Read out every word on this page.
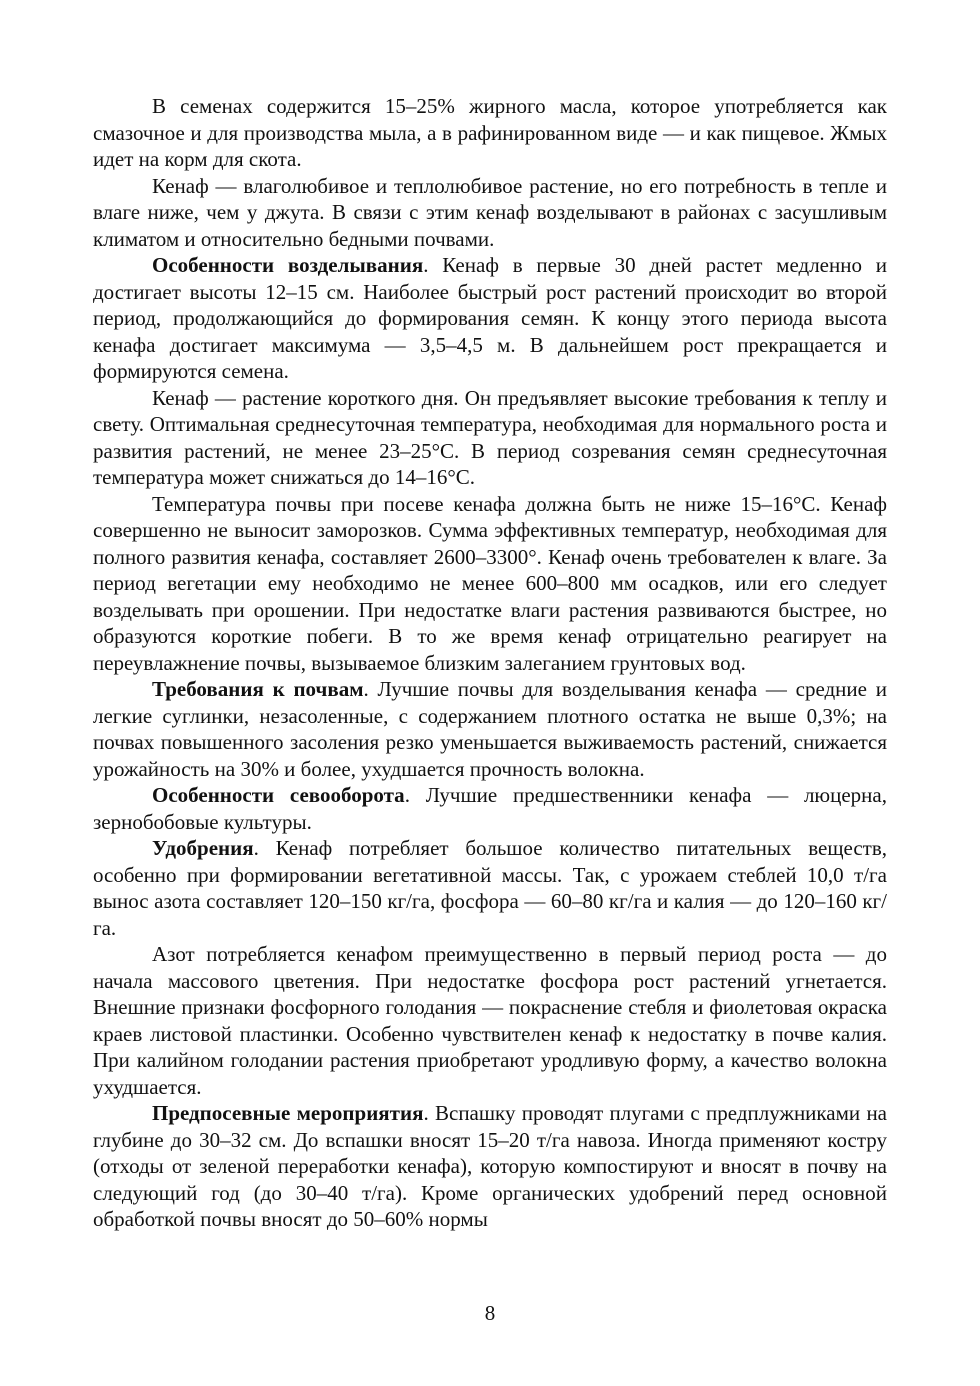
В семенах содержится 15–25% жирного масла, которое употребляется как смазочное и для производства мыла, а в рафинированном виде — и как пищевое. Жмых идет на корм для скота.

Кенаф — влаголюбивое и теплолюбивое растение, но его потребность в тепле и влаге ниже, чем у джута. В связи с этим кенаф возделывают в районах с засушливым климатом и относительно бедными почвами.

Особенности возделывания. Кенаф в первые 30 дней растет медленно и достигает высоты 12–15 см. Наиболее быстрый рост растений происходит во второй период, продолжающийся до формирования семян. К концу этого периода высота кенафа достигает максимума — 3,5–4,5 м. В дальнейшем рост прекращается и формируются семена.

Кенаф — растение короткого дня. Он предъявляет высокие требования к теплу и свету. Оптимальная среднесуточная температура, необходимая для нормального роста и развития растений, не менее 23–25°С. В период созревания семян среднесуточная температура может снижаться до 14–16°С.

Температура почвы при посеве кенафа должна быть не ниже 15–16°С. Кенаф совершенно не выносит заморозков. Сумма эффективных температур, необходимая для полного развития кенафа, составляет 2600–3300°. Кенаф очень требователен к влаге. За период вегетации ему необходимо не менее 600–800 мм осадков, или его следует возделывать при орошении. При недостатке влаги растения развиваются быстрее, но образуются короткие побеги. В то же время кенаф отрицательно реагирует на переувлажнение почвы, вызываемое близким залеганием грунтовых вод.

Требования к почвам. Лучшие почвы для возделывания кенафа — средние и легкие суглинки, незасоленные, с содержанием плотного остатка не выше 0,3%; на почвах повышенного засоления резко уменьшается выживаемость растений, снижается урожайность на 30% и более, ухудшается прочность волокна.

Особенности севооборота. Лучшие предшественники кенафа — люцерна, зернобобовые культуры.

Удобрения. Кенаф потребляет большое количество питательных веществ, особенно при формировании вегетативной массы. Так, с урожаем стеблей 10,0 т/га вынос азота составляет 120–150 кг/га, фосфора — 60–80 кг/га и калия — до 120–160 кг/га.

Азот потребляется кенафом преимущественно в первый период роста — до начала массового цветения. При недостатке фосфора рост растений угнетается. Внешние признаки фосфорного голодания — покраснение стебля и фиолетовая окраска краев листовой пластинки. Особенно чувствителен кенаф к недостатку в почве калия. При калийном голодании растения приобретают уродливую форму, а качество волокна ухудшается.

Предпосевные мероприятия. Вспашку проводят плугами с предплужниками на глубине до 30–32 см. До вспашки вносят 15–20 т/га навоза. Иногда применяют костру (отходы от зеленой переработки кенафа), которую компостируют и вносят в почву на следующий год (до 30–40 т/га). Кроме органических удобрений перед основной обработкой почвы вносят до 50–60% нормы

8
